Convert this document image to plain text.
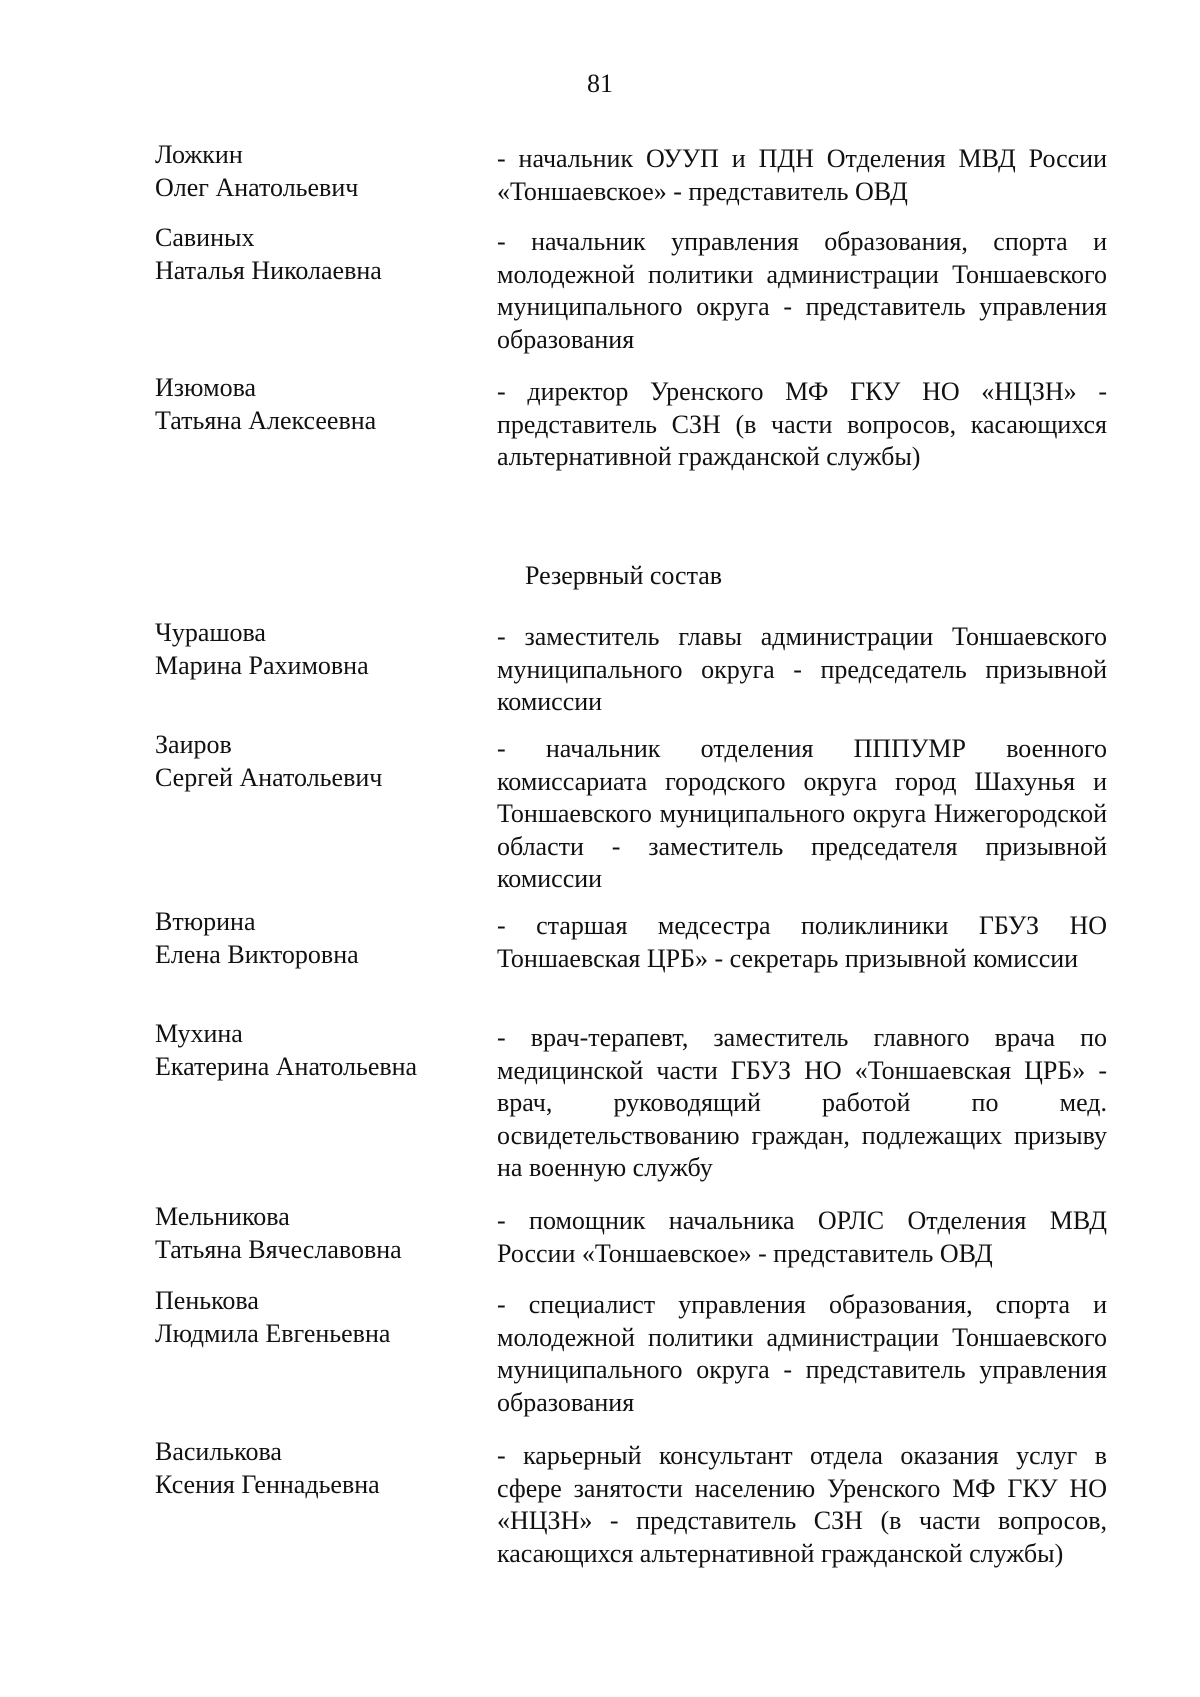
81
Ложкин
Олег Анатольевич
- начальник ОУУП и ПДН Отделения МВД России «Тоншаевское» - представитель ОВД
Савиных
Наталья Николаевна
- начальник управления образования, спорта и молодежной политики администрации Тоншаевского муниципального округа - представитель управления образования
Изюмова
Татьяна Алексеевна
- директор Уренского МФ ГКУ НО «НЦЗН» - представитель СЗН (в части вопросов, касающихся альтернативной гражданской службы)
Резервный состав
Чурашова
Марина Рахимовна
- заместитель главы администрации Тоншаевского муниципального округа - председатель призывной комиссии
Заиров
Сергей Анатольевич
- начальник отделения ПППУМР военного комиссариата городского округа город Шахунья и Тоншаевского муниципального округа Нижегородской области - заместитель председателя призывной комиссии
Втюрина
Елена Викторовна
- старшая медсестра поликлиники ГБУЗ НО Тоншаевская ЦРБ» - секретарь призывной комиссии
Мухина
Екатерина Анатольевна
- врач-терапевт, заместитель главного врача по медицинской части ГБУЗ НО «Тоншаевская ЦРБ» - врач, руководящий работой по мед. освидетельствованию граждан, подлежащих призыву на военную службу
Мельникова
Татьяна Вячеславовна
- помощник начальника ОРЛС Отделения МВД России «Тоншаевское» - представитель ОВД
Пенькова
Людмила Евгеньевна
- специалист управления образования, спорта и молодежной политики администрации Тоншаевского муниципального округа - представитель управления образования
Василькова
Ксения Геннадьевна
- карьерный консультант отдела оказания услуг в сфере занятости населению Уренского МФ ГКУ НО «НЦЗН» - представитель СЗН (в части вопросов, касающихся альтернативной гражданской службы)
